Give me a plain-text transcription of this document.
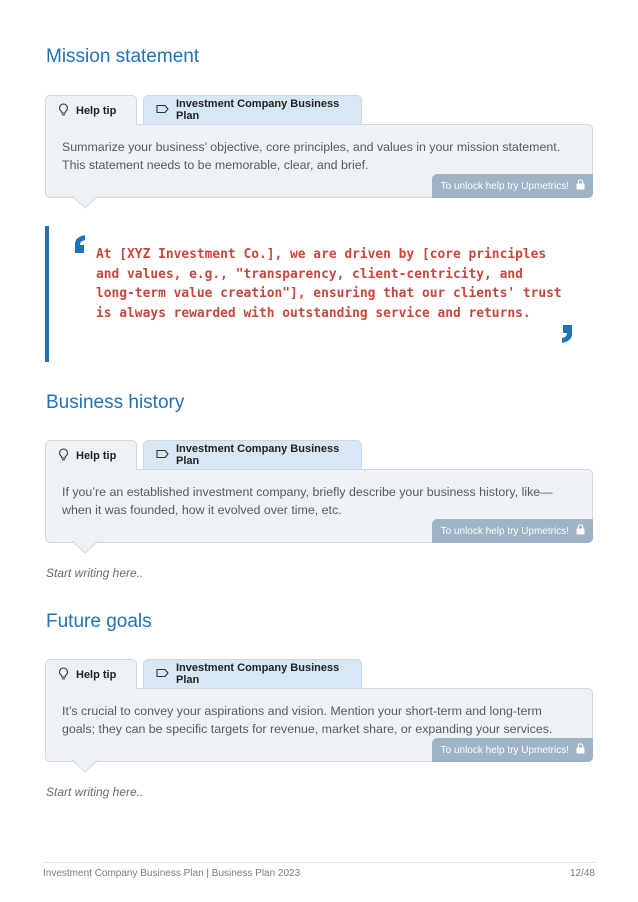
Mission statement
Help tip
Investment Company Business Plan

Summarize your business’ objective, core principles, and values in your mission statement. This statement needs to be memorable, clear, and brief.

To unlock help try Upmetrics!

At [XYZ Investment Co.], we are driven by [core principles and values, e.g., "transparency, client-centricity, and long-term value creation"], ensuring that our clients' trust is always rewarded with outstanding service and returns.

Business history
Help tip
Investment Company Business Plan

If you’re an established investment company, briefly describe your business history, like—when it was founded, how it evolved over time, etc.

To unlock help try Upmetrics!

Start writing here..

Future goals
Help tip
Investment Company Business Plan

It’s crucial to convey your aspirations and vision. Mention your short-term and long-term goals; they can be specific targets for revenue, market share, or expanding your services.

To unlock help try Upmetrics!

Start writing here..

Investment Company Business Plan | Business Plan 2023	12/48
